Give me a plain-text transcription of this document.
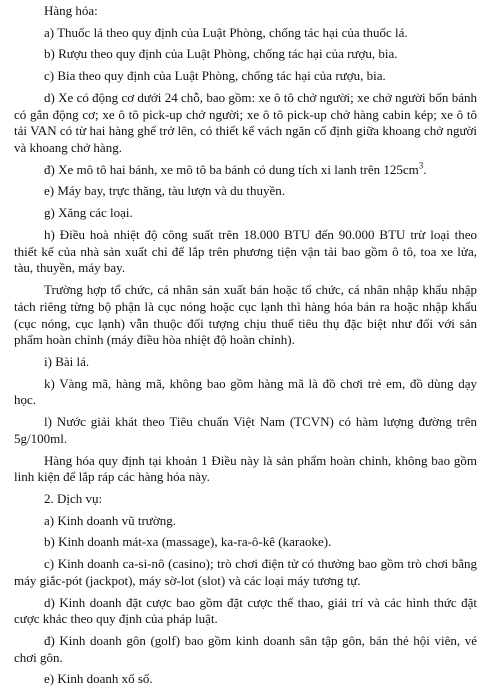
Hàng hóa:

a) Thuốc lá theo quy định của Luật Phòng, chống tác hại của thuốc lá.

b) Rượu theo quy định của Luật Phòng, chống tác hại của rượu, bia.

c) Bia theo quy định của Luật Phòng, chống tác hại của rượu, bia.

d) Xe có động cơ dưới 24 chỗ, bao gồm: xe ô tô chở người; xe chở người bốn bánh có gắn động cơ; xe ô tô pick-up chở người; xe ô tô pick-up chở hàng cabin kép; xe ô tô tải VAN có từ hai hàng ghế trở lên, có thiết kế vách ngăn cố định giữa khoang chở người và khoang chở hàng.

đ) Xe mô tô hai bánh, xe mô tô ba bánh có dung tích xi lanh trên $125cm^3$.

e) Máy bay, trực thăng, tàu lượn và du thuyền.

g) Xăng các loại.

h) Điều hoà nhiệt độ công suất trên 18.000 BTU đến 90.000 BTU trừ loại theo thiết kế của nhà sản xuất chỉ để lắp trên phương tiện vận tải bao gồm ô tô, toa xe lửa, tàu, thuyền, máy bay.

Trường hợp tổ chức, cá nhân sản xuất bán hoặc tổ chức, cá nhân nhập khẩu nhập tách riêng từng bộ phận là cục nóng hoặc cục lạnh thì hàng hóa bán ra hoặc nhập khẩu (cục nóng, cục lạnh) vẫn thuộc đối tượng chịu thuế tiêu thụ đặc biệt như đối với sản phẩm hoàn chỉnh (máy điều hòa nhiệt độ hoàn chỉnh).

i) Bài lá.

k) Vàng mã, hàng mã, không bao gồm hàng mã là đồ chơi trẻ em, đồ dùng dạy học.

l) Nước giải khát theo Tiêu chuẩn Việt Nam (TCVN) có hàm lượng đường trên 5g/100ml.

Hàng hóa quy định tại khoản 1 Điều này là sản phẩm hoàn chỉnh, không bao gồm linh kiện để lắp ráp các hàng hóa này.

2. Dịch vụ:

a) Kinh doanh vũ trường.

b) Kinh doanh mát-xa (massage), ka-ra-ô-kê (karaoke).

c) Kinh doanh ca-si-nô (casino); trò chơi điện tử có thưởng bao gồm trò chơi bằng máy giắc-pót (jackpot), máy sờ-lot (slot) và các loại máy tương tự.

d) Kinh doanh đặt cược bao gồm đặt cược thể thao, giải trí và các hình thức đặt cược khác theo quy định của pháp luật.

đ) Kinh doanh gôn (golf) bao gồm kinh doanh sân tập gôn, bán thẻ hội viên, vé chơi gôn.

e) Kinh doanh xổ số.
